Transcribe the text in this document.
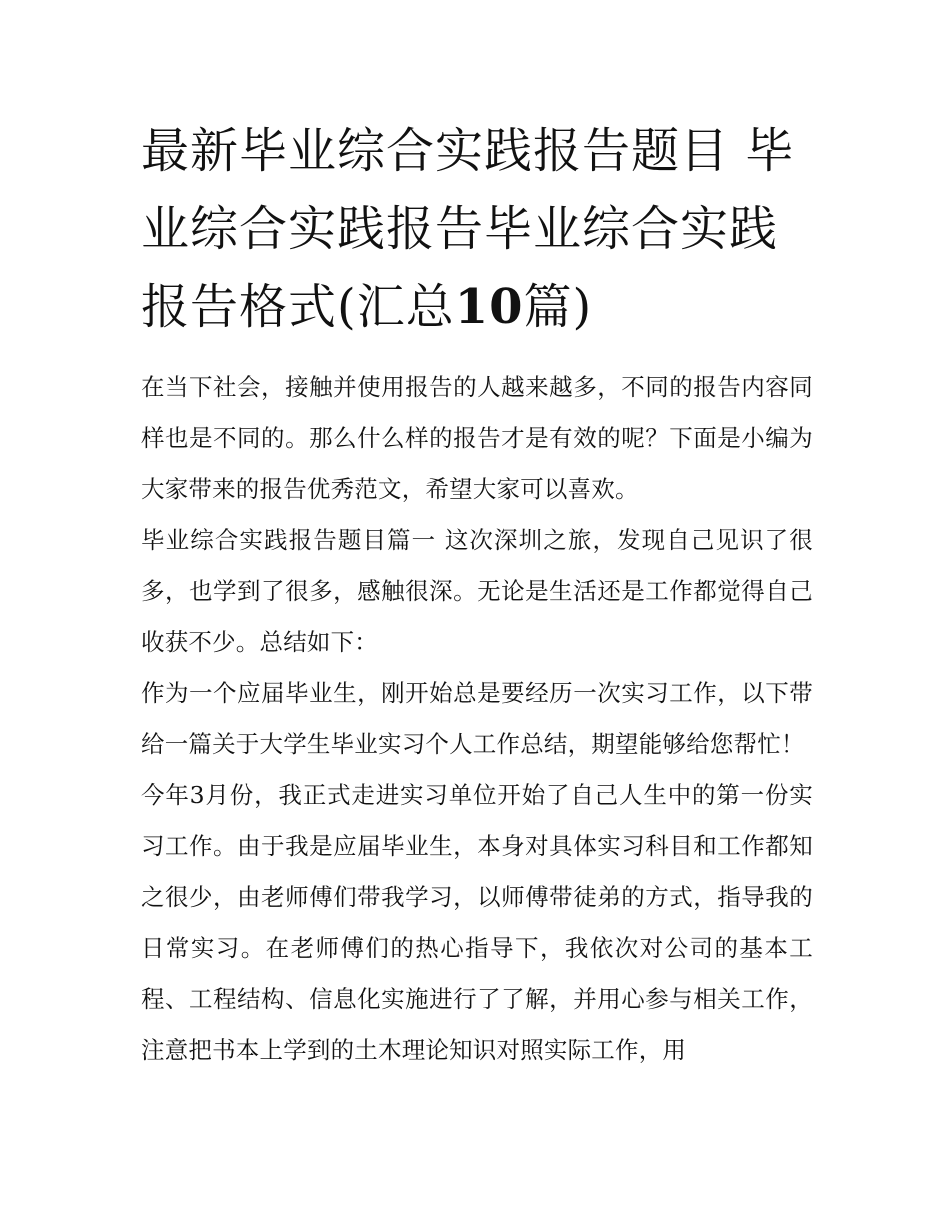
最新毕业综合实践报告题目 毕业综合实践报告毕业综合实践报告格式(汇总10篇)

在当下社会，接触并使用报告的人越来越多，不同的报告内容同样也是不同的。那么什么样的报告才是有效的呢？下面是小编为大家带来的报告优秀范文，希望大家可以喜欢。

毕业综合实践报告题目篇一 这次深圳之旅，发现自己见识了很多，也学到了很多，感触很深。无论是生活还是工作都觉得自己收获不少。总结如下：

作为一个应届毕业生，刚开始总是要经历一次实习工作，以下带给一篇关于大学生毕业实习个人工作总结，期望能够给您帮忙！

今年3月份，我正式走进实习单位开始了自己人生中的第一份实习工作。由于我是应届毕业生，本身对具体实习科目和工作都知之很少，由老师傅们带我学习，以师傅带徒弟的方式，指导我的日常实习。在老师傅们的热心指导下，我依次对公司的基本工程、工程结构、信息化实施进行了了解，并用心参与相关工作，注意把书本上学到的土木理论知识对照实际工作，用
